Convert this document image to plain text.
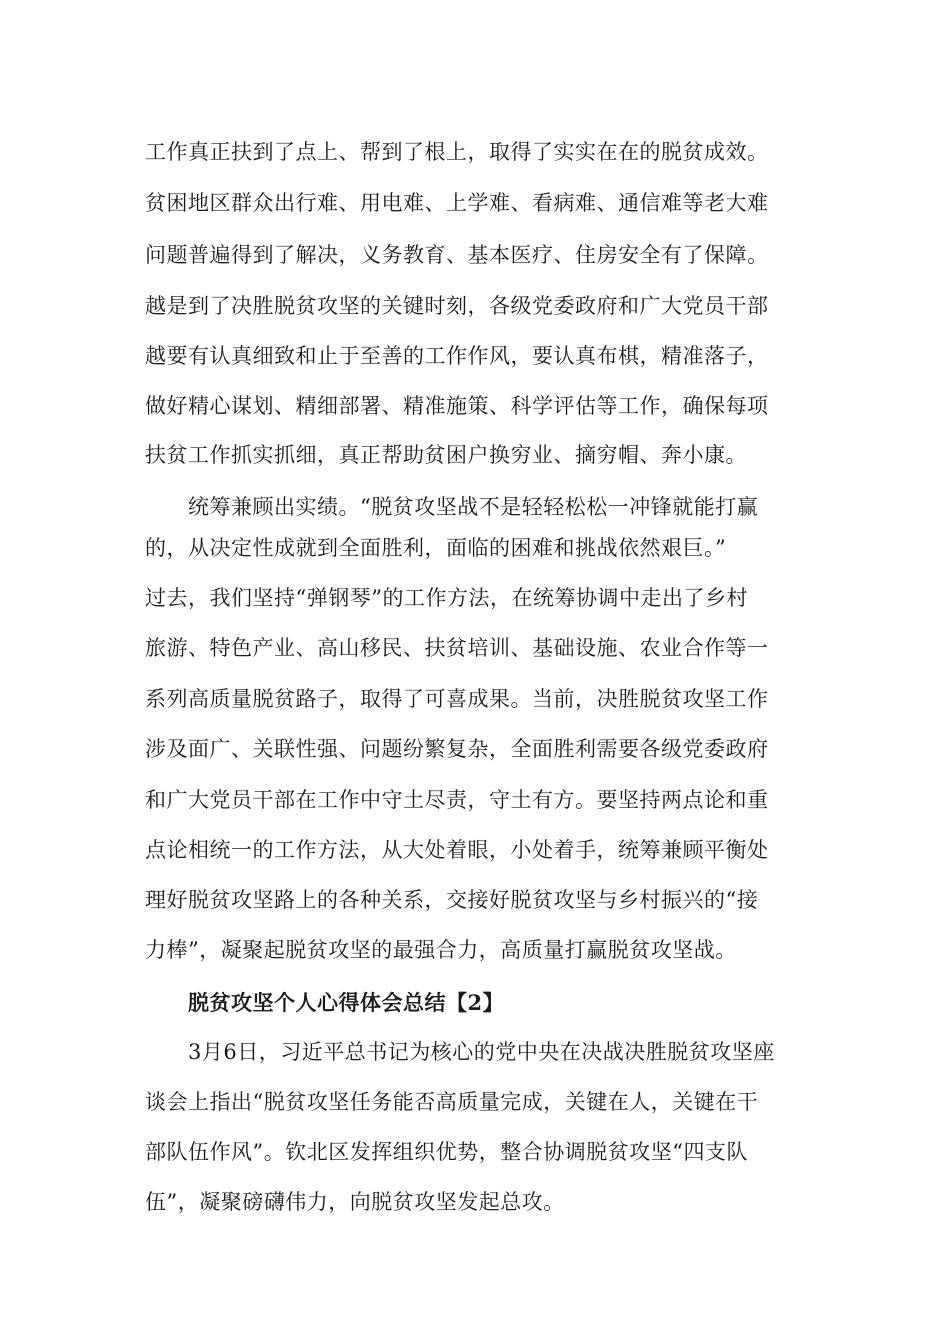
工作真正扶到了点上、帮到了根上，取得了实实在在的脱贫成效。
贫困地区群众出行难、用电难、上学难、看病难、通信难等老大难
问题普遍得到了解决，义务教育、基本医疗、住房安全有了保障。
越是到了决胜脱贫攻坚的关键时刻，各级党委政府和广大党员干部
越要有认真细致和止于至善的工作作风，要认真布棋，精准落子，
做好精心谋划、精细部署、精准施策、科学评估等工作，确保每项
扶贫工作抓实抓细，真正帮助贫困户换穷业、摘穷帽、奔小康。
统筹兼顾出实绩。“脱贫攻坚战不是轻轻松松一冲锋就能打赢
的，从决定性成就到全面胜利，面临的困难和挑战依然艰巨。”
过去，我们坚持“弹钢琴”的工作方法，在统筹协调中走出了乡村
旅游、特色产业、高山移民、扶贫培训、基础设施、农业合作等一
系列高质量脱贫路子，取得了可喜成果。当前，决胜脱贫攻坚工作
涉及面广、关联性强、问题纷繁复杂，全面胜利需要各级党委政府
和广大党员干部在工作中守土尽责，守土有方。要坚持两点论和重
点论相统一的工作方法，从大处着眼，小处着手，统筹兼顾平衡处
理好脱贫攻坚路上的各种关系，交接好脱贫攻坚与乡村振兴的“接
力棒”，凝聚起脱贫攻坚的最强合力，高质量打赢脱贫攻坚战。
脱贫攻坚个人心得体会总结【2】
3月6日，习近平总书记为核心的党中央在决战决胜脱贫攻坚座
谈会上指出“脱贫攻坚任务能否高质量完成，关键在人，关键在干
部队伍作风”。钦北区发挥组织优势，整合协调脱贫攻坚“四支队
伍”，凝聚磅礴伟力，向脱贫攻坚发起总攻。
